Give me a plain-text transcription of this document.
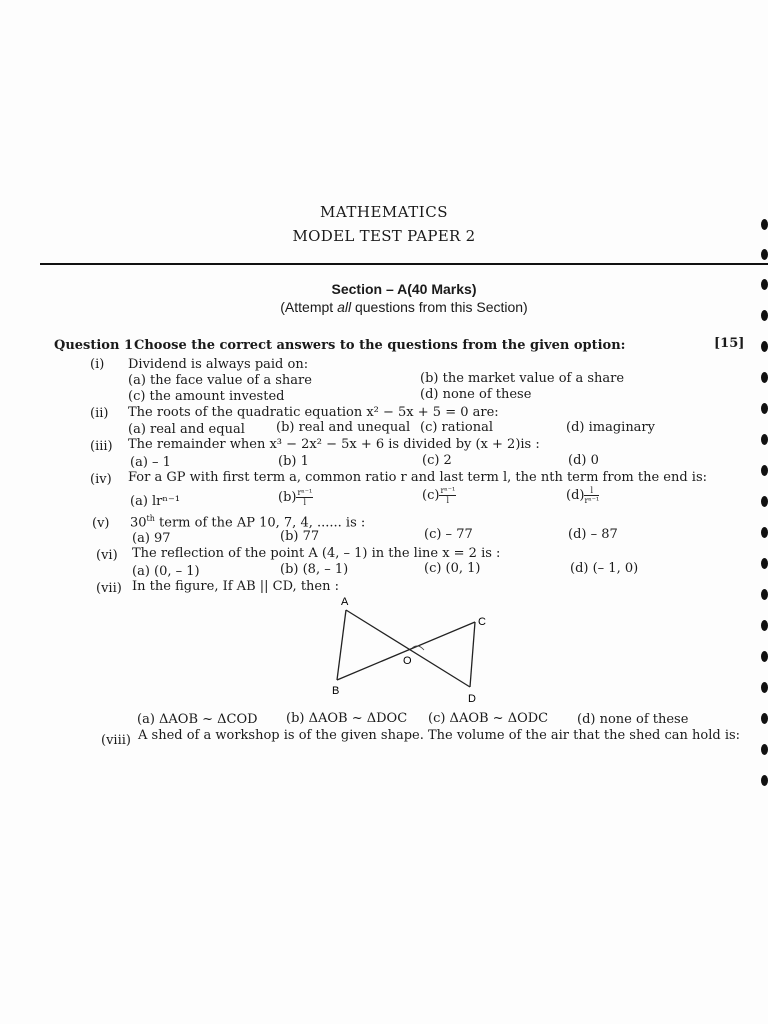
MATHEMATICS
MODEL TEST PAPER 2
Section – A(40 Marks)
(Attempt all questions from this Section)
Question 1 Choose the correct answers to the questions from the given option:	[15]
(i) Dividend is always paid on:
(a) the face value of a share	(b) the market value of a share
(c) the amount invested	(d) none of these
(ii) The roots of the quadratic equation x² − 5x + 5 = 0 are:
(a) real and equal (b) real and unequal (c) rational	(d) imaginary
(iii) The remainder when x³ − 2x² − 5x + 6 is divided by (x + 2)is :
(a) – 1	(b) 1	(c) 2	(d) 0
(iv) For a GP with first term a, common ratio r and last term l, the nth term from the end is:
(a) lrⁿ⁻¹	$(b) \frac{\text{rⁿ⁻¹}}{l}$	$(c) \frac{\text{rⁿ⁻¹}}{l}$	$(d) \frac{l}{\text{rⁿ⁻¹}}$
(v) 30th term of the AP 10, 7, 4, ...... is :
(a) 97	(b) 77	(c) – 77	(d) – 87
(vi) The reflection of the point A (4, – 1) in the line x = 2 is :
(a) (0, – 1)	(b) (8, – 1)	(c) (0, 1)	(d) (– 1, 0)
(vii) In the figure, If AB || CD, then :
A
B
C
D
O
(a) ΔAOB ~ ΔCOD (b) ΔAOB ~ ΔDOC (c) ΔAOB ~ ΔODC (d) none of these
(viii) A shed of a workshop is of the given shape. The volume of the air that the shed can hold is:
